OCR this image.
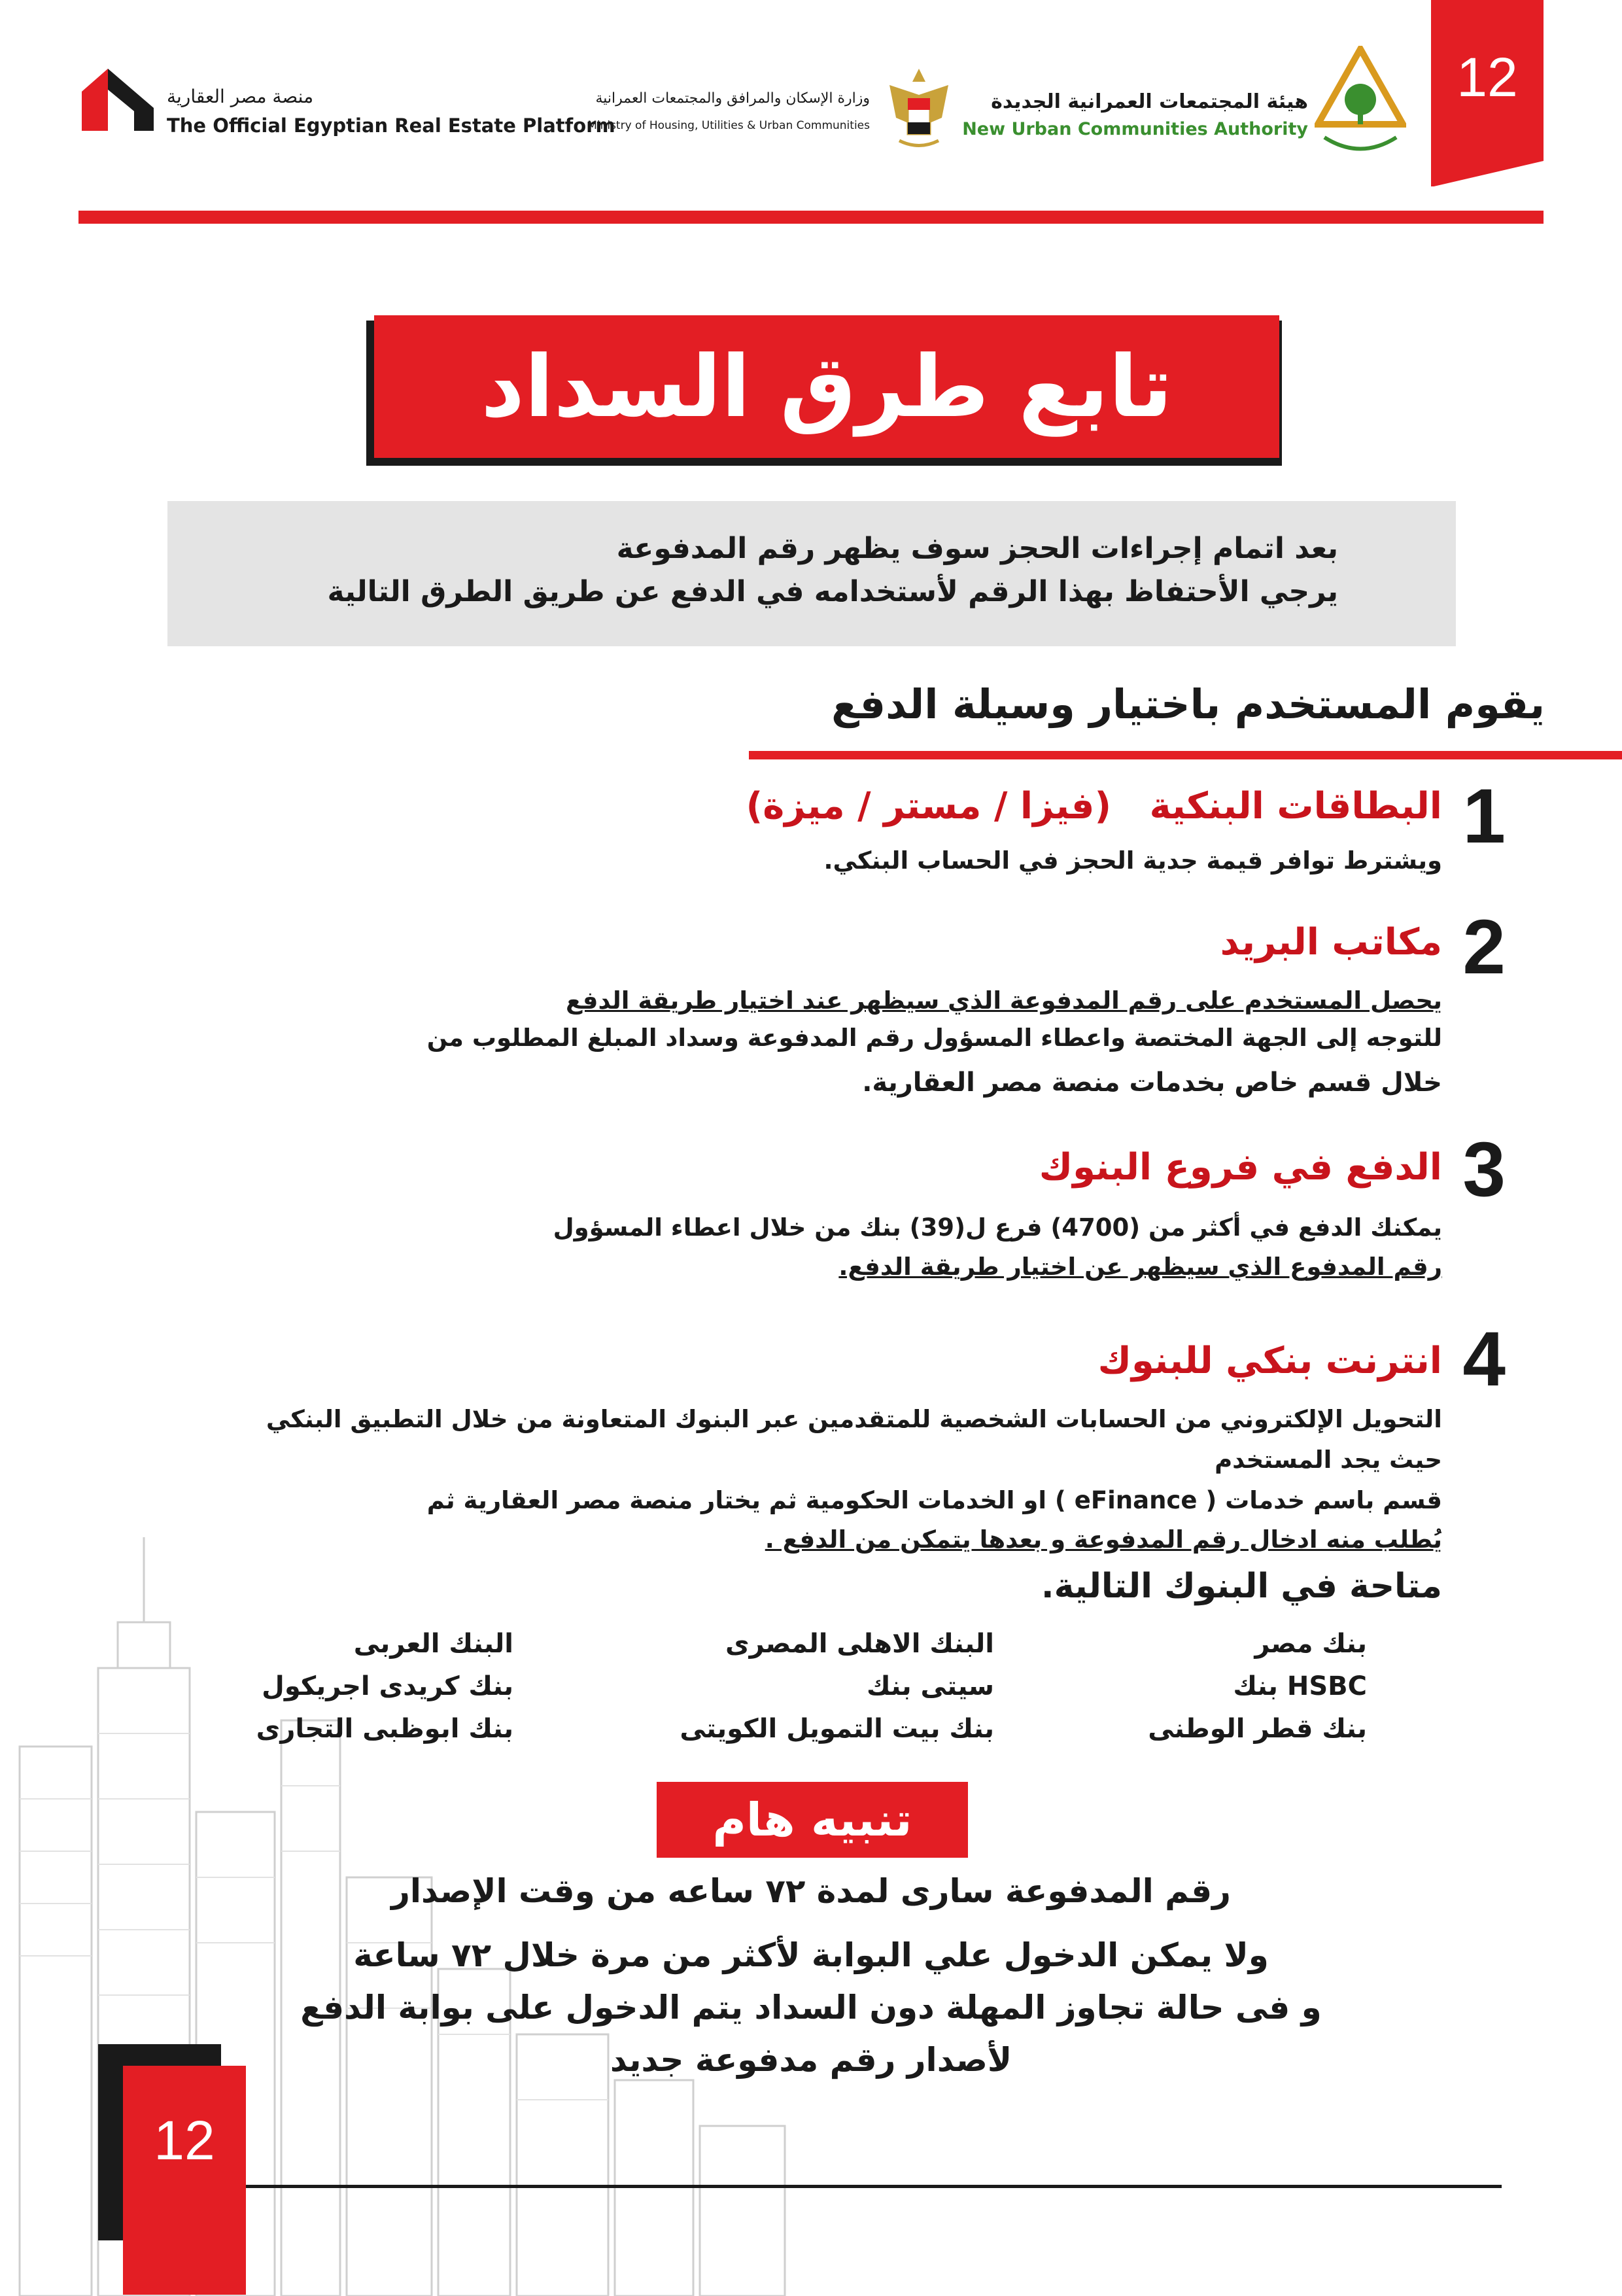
12
هيئة المجتمعات العمرانية الجديدة
New Urban Communities Authority
وزارة الإسكان والمرافق والمجتمعات العمرانية
Ministry of Housing, Utilities & Urban Communities
منصة مصر العقارية
The Official Egyptian Real Estate Platform
تابع طرق السداد
بعد اتمام إجراءات الحجز سوف يظهر رقم المدفوعة
يرجي الأحتفاظ بهذا الرقم لأستخدامه في الدفع عن طريق الطرق التالية
يقوم المستخدم باختيار وسيلة الدفع
1
البطاقات البنكية   (فيزا / مستر / ميزة)
ويشترط توافر قيمة جدية الحجز في الحساب البنكي.
2
مكاتب البريد
يحصل المستخدم على رقم المدفوعة الذي سيظهر عند اختيار طريقة الدفع
للتوجه إلى الجهة المختصة واعطاء المسؤول رقم المدفوعة وسداد المبلغ المطلوب من
خلال قسم خاص بخدمات منصة مصر العقارية.
3
الدفع في فروع البنوك
يمكنك الدفع في أكثر من (4700) فرع ل(39) بنك من خلال اعطاء المسؤول
رقم المدفوع الذي سيظهر عن اختيار طريقة الدفع.
4
انترنت بنكي للبنوك
التحويل الإلكتروني من الحسابات الشخصية للمتقدمين عبر البنوك المتعاونة من خلال التطبيق البنكي
حيث يجد المستخدم
قسم باسم خدمات ( eFinance ) او الخدمات الحكومية ثم يختار منصة مصر العقارية ثم
يُطلب منه ادخال رقم المدفوعة و بعدها يتمكن من الدفع .
متاحة في البنوك التالية.
بنك مصر
HSBC بنك
بنك قطر الوطنى
البنك الاهلى المصرى
سيتى بنك
بنك بيت التمويل الكويتى
البنك العربى
بنك كريدى اجريكول
بنك ابوظبى التجارى
تنبيه هام
رقم المدفوعة سارى لمدة ٧٢ ساعه من وقت الإصدار
ولا يمكن الدخول علي البوابة لأكثر من مرة خلال ٧٢ ساعة
و فى حالة تجاوز المهلة دون السداد يتم الدخول على بوابة الدفع
لأصدار رقم مدفوعة جديد
12
